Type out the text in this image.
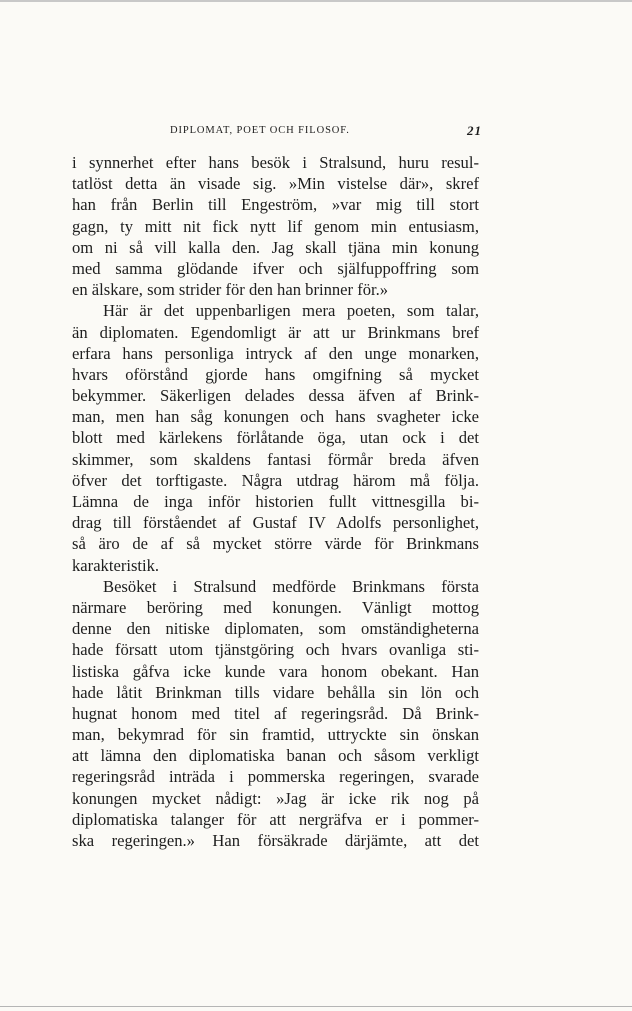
DIPLOMAT, POET OCH FILOSOF.	21
i synnerhet efter hans besök i Stralsund, huru resul-
tatlöst detta än visade sig. »Min vistelse där», skref
han från Berlin till Engeström, »var mig till stort
gagn, ty mitt nit fick nytt lif genom min entusiasm,
om ni så vill kalla den. Jag skall tjäna min konung
med samma glödande ifver och själfuppoffring som
en älskare, som strider för den han brinner för.»
Här är det uppenbarligen mera poeten, som talar,
än diplomaten. Egendomligt är att ur Brinkmans bref
erfara hans personliga intryck af den unge monarken,
hvars oförstånd gjorde hans omgifning så mycket
bekymmer. Säkerligen delades dessa äfven af Brink-
man, men han såg konungen och hans svagheter icke
blott med kärlekens förlåtande öga, utan ock i det
skimmer, som skaldens fantasi förmår breda äfven
öfver det torftigaste. Några utdrag härom må följa.
Lämna de inga inför historien fullt vittnesgilla bi-
drag till förståendet af Gustaf IV Adolfs personlighet,
så äro de af så mycket större värde för Brinkmans
karakteristik.
Besöket i Stralsund medförde Brinkmans första
närmare beröring med konungen. Vänligt mottog
denne den nitiske diplomaten, som omständigheterna
hade försatt utom tjänstgöring och hvars ovanliga sti-
listiska gåfva icke kunde vara honom obekant. Han
hade låtit Brinkman tills vidare behålla sin lön och
hugnat honom med titel af regeringsråd. Då Brink-
man, bekymrad för sin framtid, uttryckte sin önskan
att lämna den diplomatiska banan och såsom verkligt
regeringsråd inträda i pommerska regeringen, svarade
konungen mycket nådigt: »Jag är icke rik nog på
diplomatiska talanger för att nergräfva er i pommer-
ska regeringen.» Han försäkrade därjämte, att det
